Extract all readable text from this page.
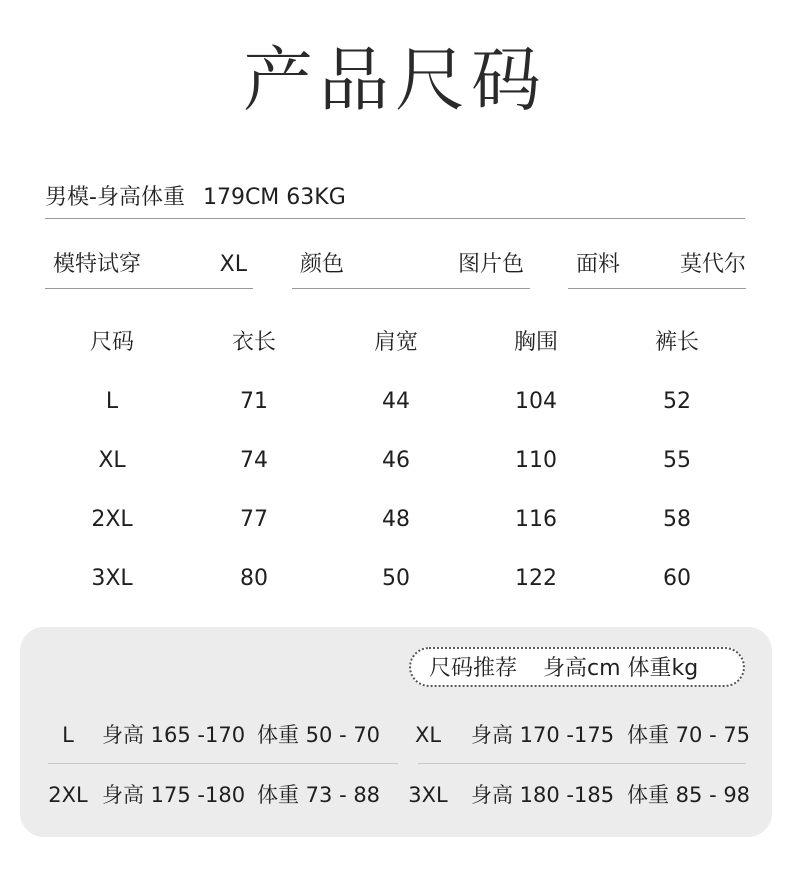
产品尺码
男模-身高体重 179CM 63KG
模特试穿	XL 颜色	图片色 面料	莫代尔
尺码	衣长	肩宽	胸围	裤长
L	71	44	104	52
XL	74	46	110	55
2XL	77	48	116	58
3XL	80	50	122	60
尺码推荐 身高cm 体重kg
L	身高 165 -170 体重 50 - 70	XL	身高 170 -175 体重 70 - 75
2XL 身高 175 -180 体重 73 - 88	3XL	身高 180 -185 体重 85 - 98
